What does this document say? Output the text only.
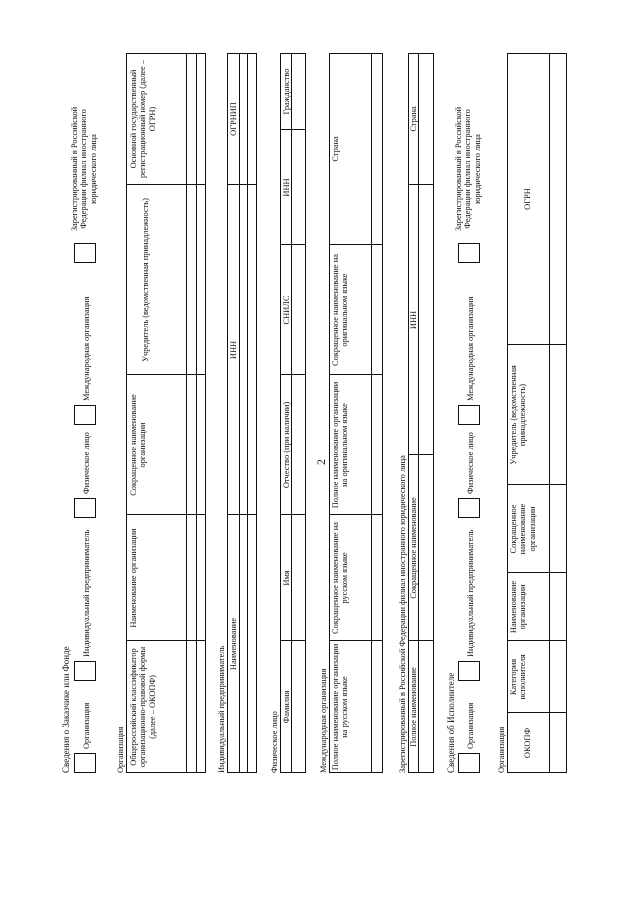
2
Сведения о Заказчике или Фонде Организация
Индивидуальный предприниматель
Физическое лицо
Международная организация
Зарегистрированный в Российской Федерации филиал иностранного юридического лица
Организация Общероссийский классификатор организационно-правовой формы (далее – ОКОПФ)
Наименование организации
Сокращенное наименование организации
Учредитель (ведомственная принадлежность)
Основной государственный регистрационный номер (далее – ОГРН)
Индивидуальный предприниматель
Наименование
ИНН
ОГРНИП
Физическое лицо
Фамилия
Имя
Отчество (при наличии)
СНИЛС
ИНН
Гражданство
Международная организация Полное наименование организации на русском языке
Сокращенное наименование на русском языке
Полное наименование организации на оригинальном языке
Сокращенное наименование на оригинальном языке
Страна
Зарегистрированный в Российской Федерации филиал иностранного юридического лица Полное наименование
Сокращенное наименование
ИНН
Страна
Сведения об Исполнителе Организация
Индивидуальный предприниматель
Физическое лицо
Международная организация
Зарегистрированный в Российской Федерации филиал иностранного юридического лица
Организация	ОКОПФ
Категория исполнителя
Наименование организации
Сокращенное наименование организации
Учредитель (ведомственная принадлежность)
ОГРН
